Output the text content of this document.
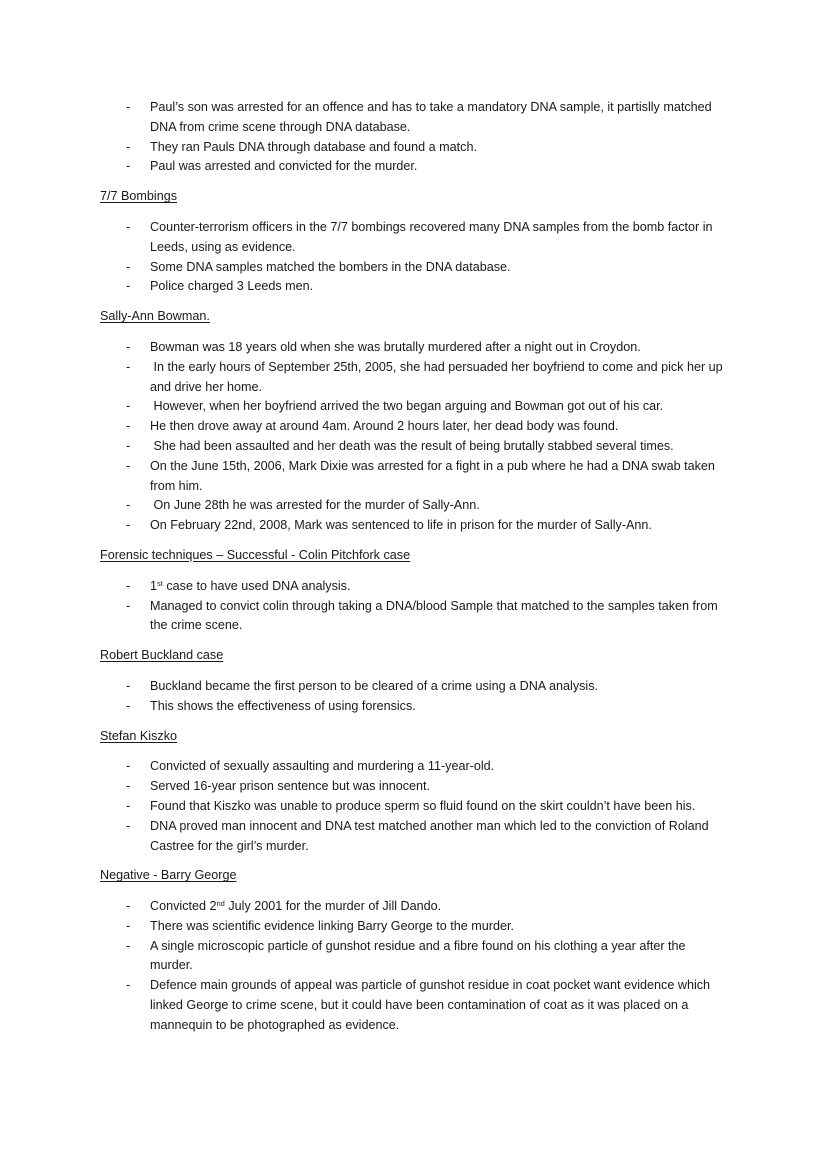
- Paul’s son was arrested for an offence and has to take a mandatory DNA sample, it partislly matched DNA from crime scene through DNA database.
- They ran Pauls DNA through database and found a match.
- Paul was arrested and convicted for the murder.
7/7 Bombings
- Counter-terrorism officers in the 7/7 bombings recovered many DNA samples from the bomb factor in Leeds, using as evidence.
- Some DNA samples matched the bombers in the DNA database.
- Police charged 3 Leeds men.
Sally-Ann Bowman.
- Bowman was 18 years old when she was brutally murdered after a night out in Croydon.
- In the early hours of September 25th, 2005, she had persuaded her boyfriend to come and pick her up and drive her home.
- However, when her boyfriend arrived the two began arguing and Bowman got out of his car.
- He then drove away at around 4am. Around 2 hours later, her dead body was found.
- She had been assaulted and her death was the result of being brutally stabbed several times.
- On the June 15th, 2006, Mark Dixie was arrested for a fight in a pub where he had a DNA swab taken from him.
- On June 28th he was arrested for the murder of Sally-Ann.
- On February 22nd, 2008, Mark was sentenced to life in prison for the murder of Sally-Ann.
Forensic techniques – Successful - Colin Pitchfork case
- 1st case to have used DNA analysis.
- Managed to convict colin through taking a DNA/blood Sample that matched to the samples taken from the crime scene.
Robert Buckland case
- Buckland became the first person to be cleared of a crime using a DNA analysis.
- This shows the effectiveness of using forensics.
Stefan Kiszko
- Convicted of sexually assaulting and murdering a 11-year-old.
- Served 16-year prison sentence but was innocent.
- Found that Kiszko was unable to produce sperm so fluid found on the skirt couldn’t have been his.
- DNA proved man innocent and DNA test matched another man which led to the conviction of Roland Castree for the girl’s murder.
Negative - Barry George
- Convicted 2nd July 2001 for the murder of Jill Dando.
- There was scientific evidence linking Barry George to the murder.
- A single microscopic particle of gunshot residue and a fibre found on his clothing a year after the murder.
- Defence main grounds of appeal was particle of gunshot residue in coat pocket want evidence which linked George to crime scene, but it could have been contamination of coat as it was placed on a mannequin to be photographed as evidence.
